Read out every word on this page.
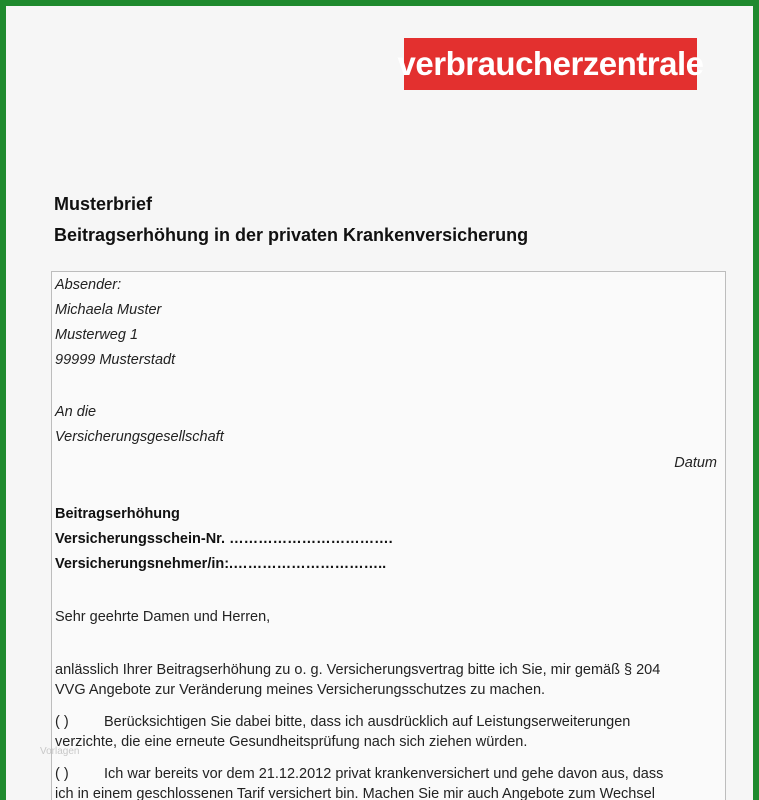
verbraucherzentrale
Musterbrief
Beitragserhöhung in der privaten Krankenversicherung
Absender:
Michaela Muster
Musterweg 1
99999 Musterstadt
An die
Versicherungsgesellschaft
Datum
Beitragserhöhung
Versicherungsschein-Nr. …………………………….
Versicherungsnehmer/in:.…………………………..
Sehr geehrte Damen und Herren,
anlässlich Ihrer Beitragserhöhung zu o. g. Versicherungsvertrag bitte ich Sie, mir gemäß § 204
VVG Angebote zur Veränderung meines Versicherungsschutzes zu machen.
( ) Berücksichtigen Sie dabei bitte, dass ich ausdrücklich auf Leistungserweiterungen
verzichte, die eine erneute Gesundheitsprüfung nach sich ziehen würden.
( ) Ich war bereits vor dem 21.12.2012 privat krankenversichert und gehe davon aus, dass
ich in einem geschlossenen Tarif versichert bin. Machen Sie mir auch Angebote zum Wechsel
Vorlagen
